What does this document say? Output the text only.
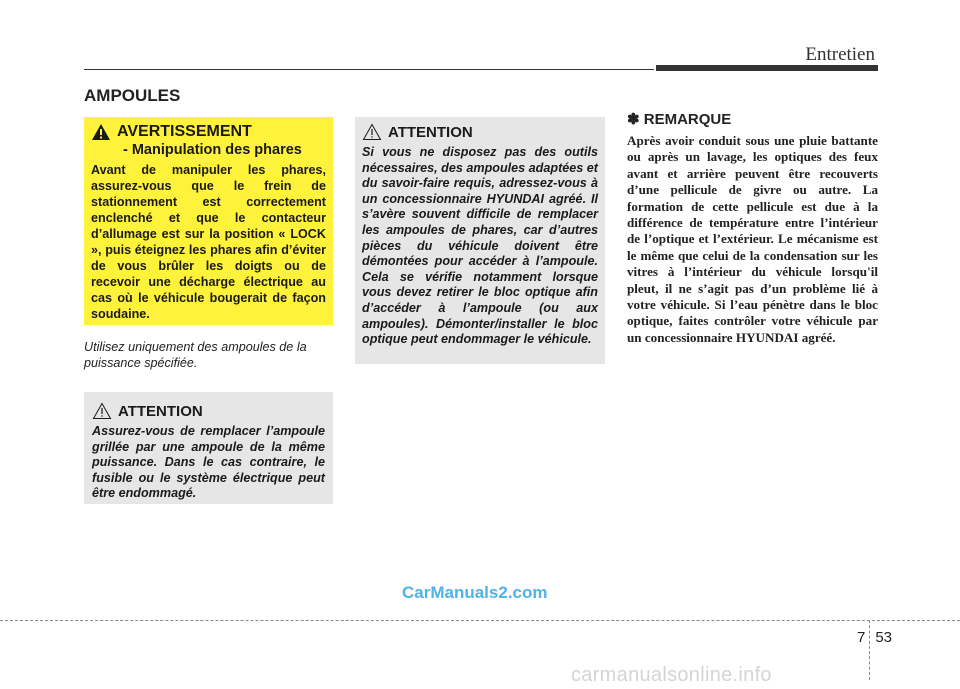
Entretien
AMPOULES
AVERTISSEMENT
- Manipulation des phares
Avant de manipuler les phares, assurez-vous que le frein de stationnement est correctement enclenché et que le contacteur d’allumage est sur la position « LOCK », puis éteignez les phares afin d’éviter de vous brûler les doigts ou de recevoir une décharge électrique au cas où le véhicule bougerait de façon soudaine.
Utilisez uniquement des ampoules de la puissance spécifiée.
ATTENTION
Assurez-vous de remplacer l’ampoule grillée par une ampoule de la même puissance. Dans le cas contraire, le fusible ou le système électrique peut être endommagé.
ATTENTION
Si vous ne disposez pas des outils nécessaires, des ampoules adaptées et du savoir-faire requis, adressez-vous à un concessionnaire HYUNDAI agréé. Il s’avère souvent difficile de remplacer les ampoules de phares, car d’autres pièces du véhicule doivent être démontées pour accéder à l’ampoule. Cela se vérifie notamment lorsque vous devez retirer le bloc optique afin d’accéder à l’ampoule (ou aux ampoules). Démonter/installer le bloc optique peut endommager le véhicule.
✽ REMARQUE
Après avoir conduit sous une pluie battante ou après un lavage, les optiques des feux avant et arrière peuvent être recouverts d’une pellicule de givre ou autre. La formation de cette pellicule est due à la différence de température entre l’intérieur de l’optique et l’extérieur. Le mécanisme est le même que celui de la condensation sur les vitres à l’intérieur du véhicule lorsqu'il pleut, il ne s’agit pas d’un problème lié à votre véhicule. Si l’eau pénètre dans le bloc optique, faites contrôler votre véhicule par un concessionnaire HYUNDAI agréé.
CarManuals2.com
7 53
carmanualsonline.info
